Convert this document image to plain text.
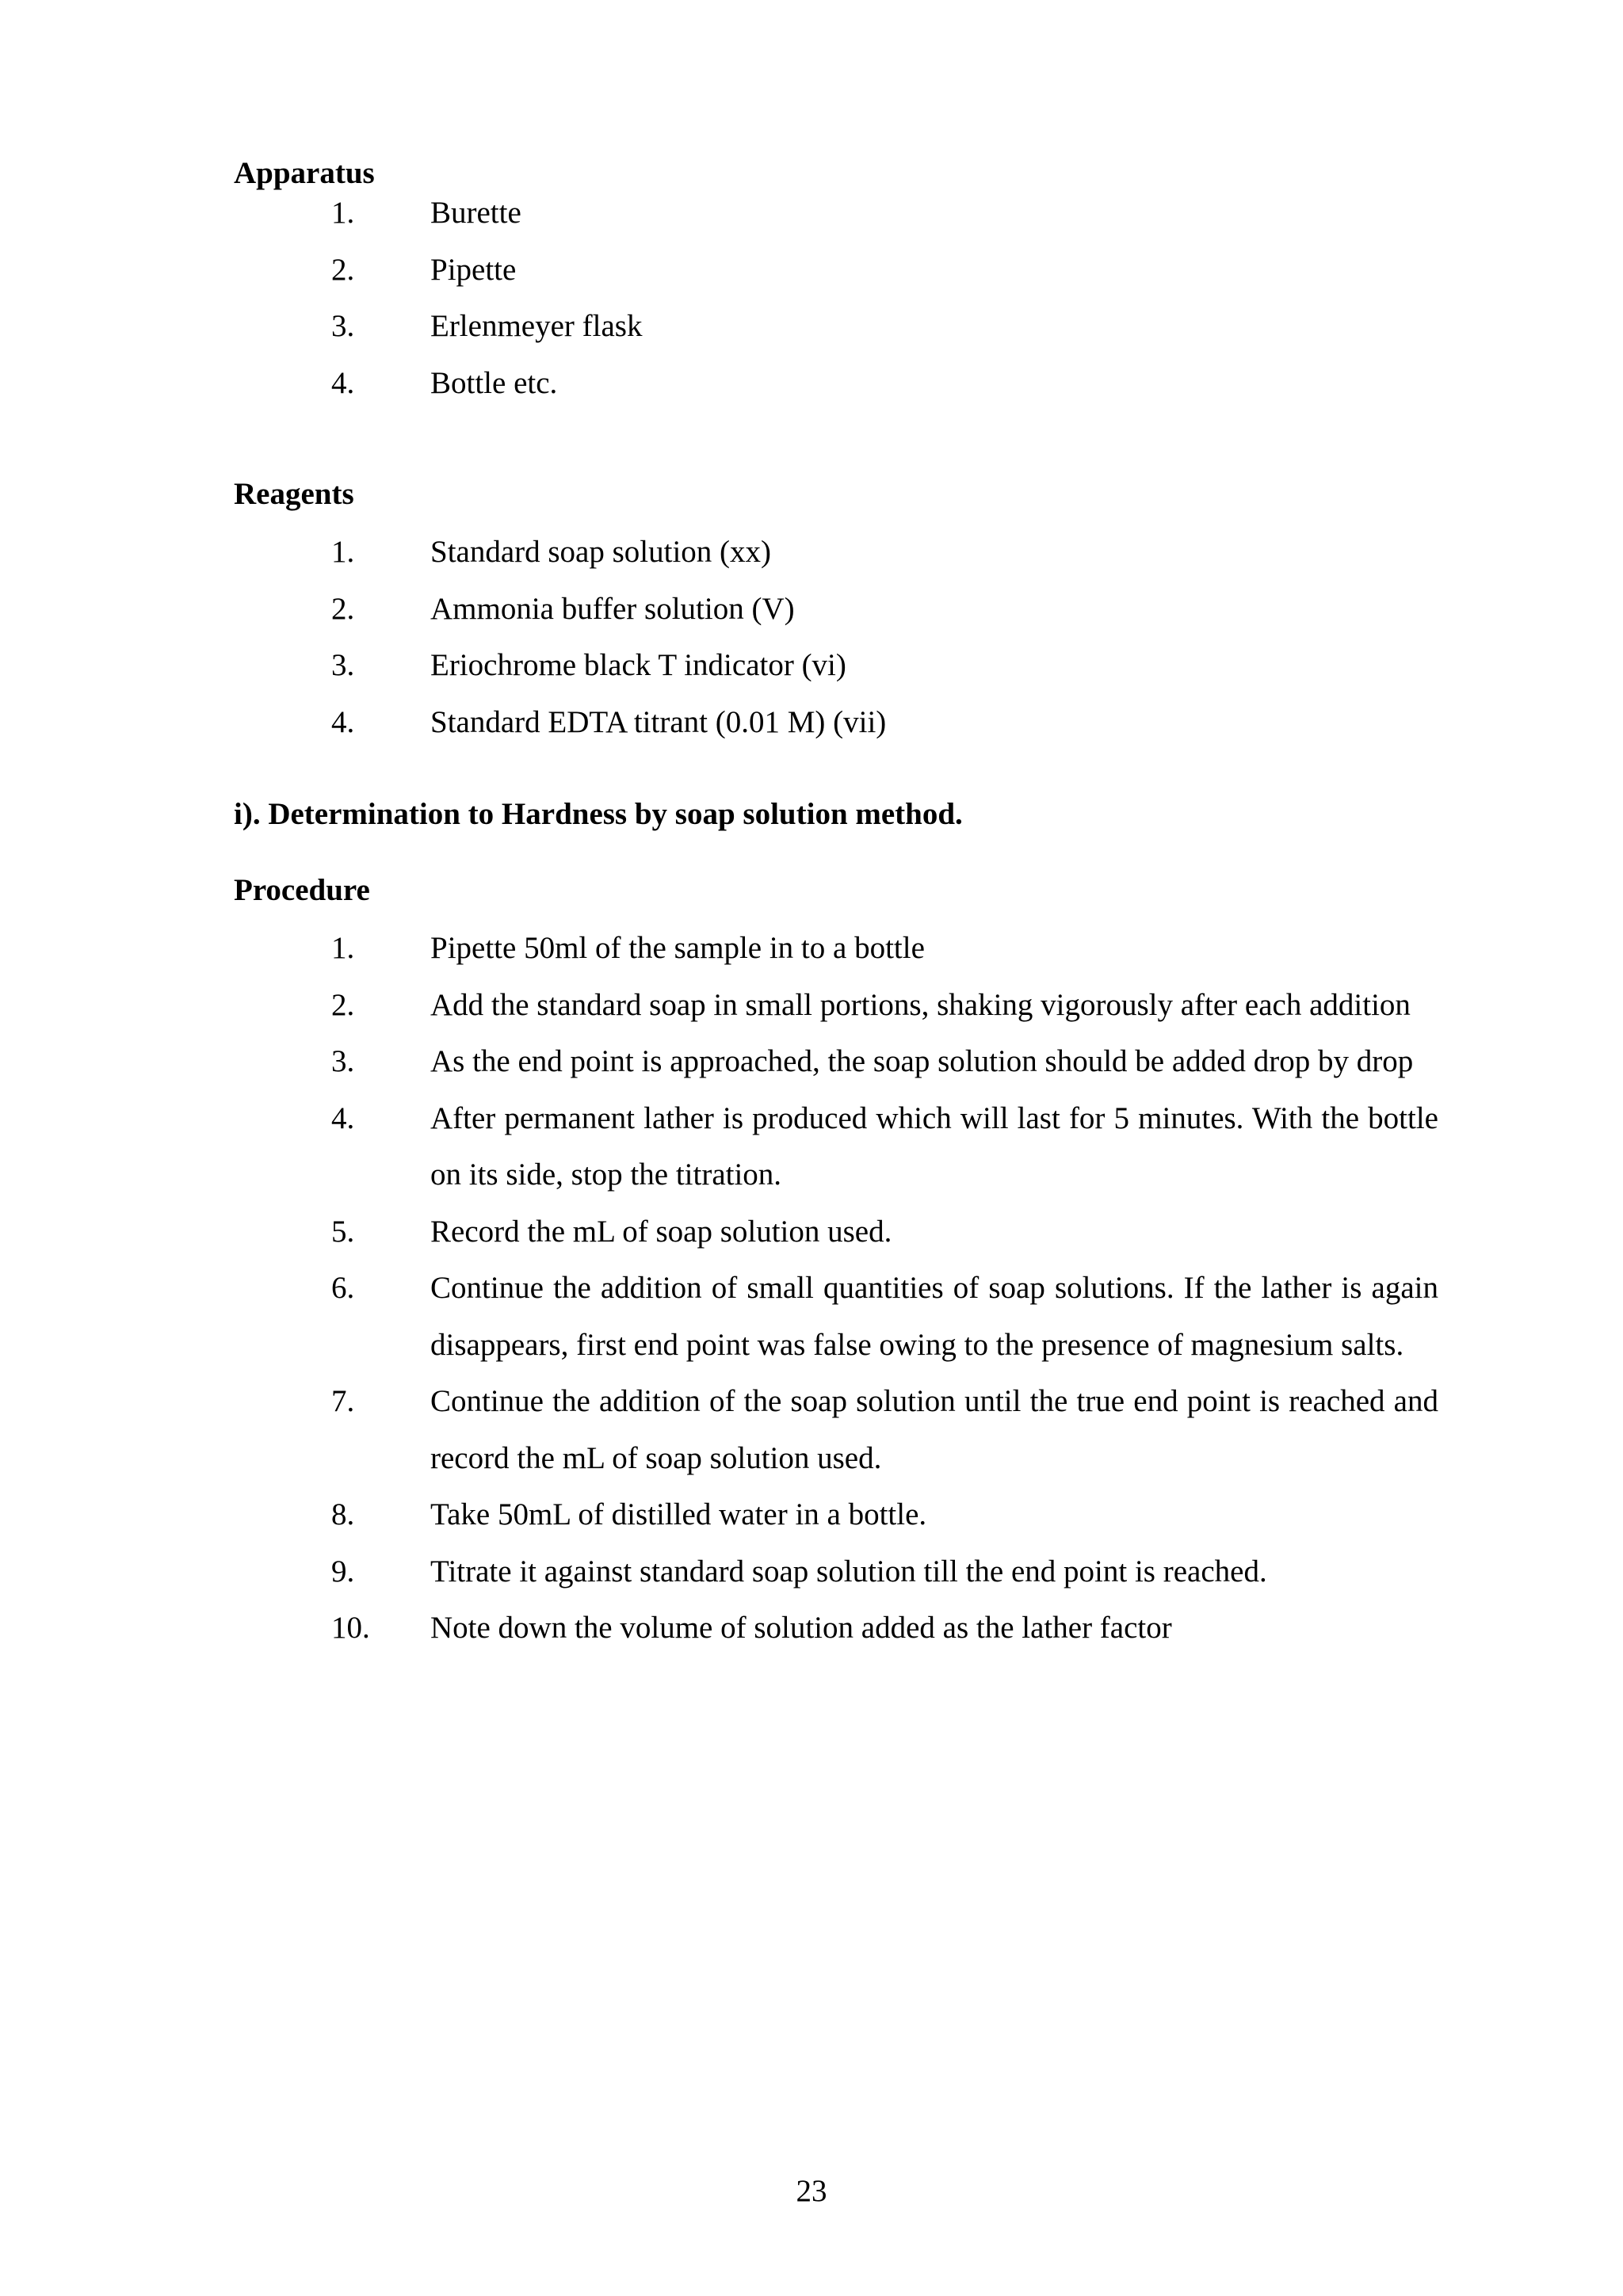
Apparatus
1. Burette
2. Pipette
3. Erlenmeyer flask
4. Bottle etc.
Reagents
1. Standard soap solution (xx)
2. Ammonia buffer solution (V)
3. Eriochrome black T indicator (vi)
4. Standard EDTA titrant (0.01 M) (vii)
i). Determination to Hardness by soap solution method.
Procedure
1. Pipette 50ml of the sample in to a bottle
2. Add the standard soap in small portions, shaking vigorously after each addition
3. As the end point is approached, the soap solution should be added drop by drop
4. After permanent lather is produced which will last for 5 minutes. With the bottle on its side, stop the titration.
5. Record the mL of soap solution used.
6. Continue the addition of small quantities of soap solutions. If the lather is again disappears, first end point was false owing to the presence of magnesium salts.
7. Continue the addition of the soap solution until the true end point is reached and record the mL of soap solution used.
8. Take 50mL of distilled water in a bottle.
9. Titrate it against standard soap solution till the end point is reached.
10. Note down the volume of solution added as the lather factor
23
